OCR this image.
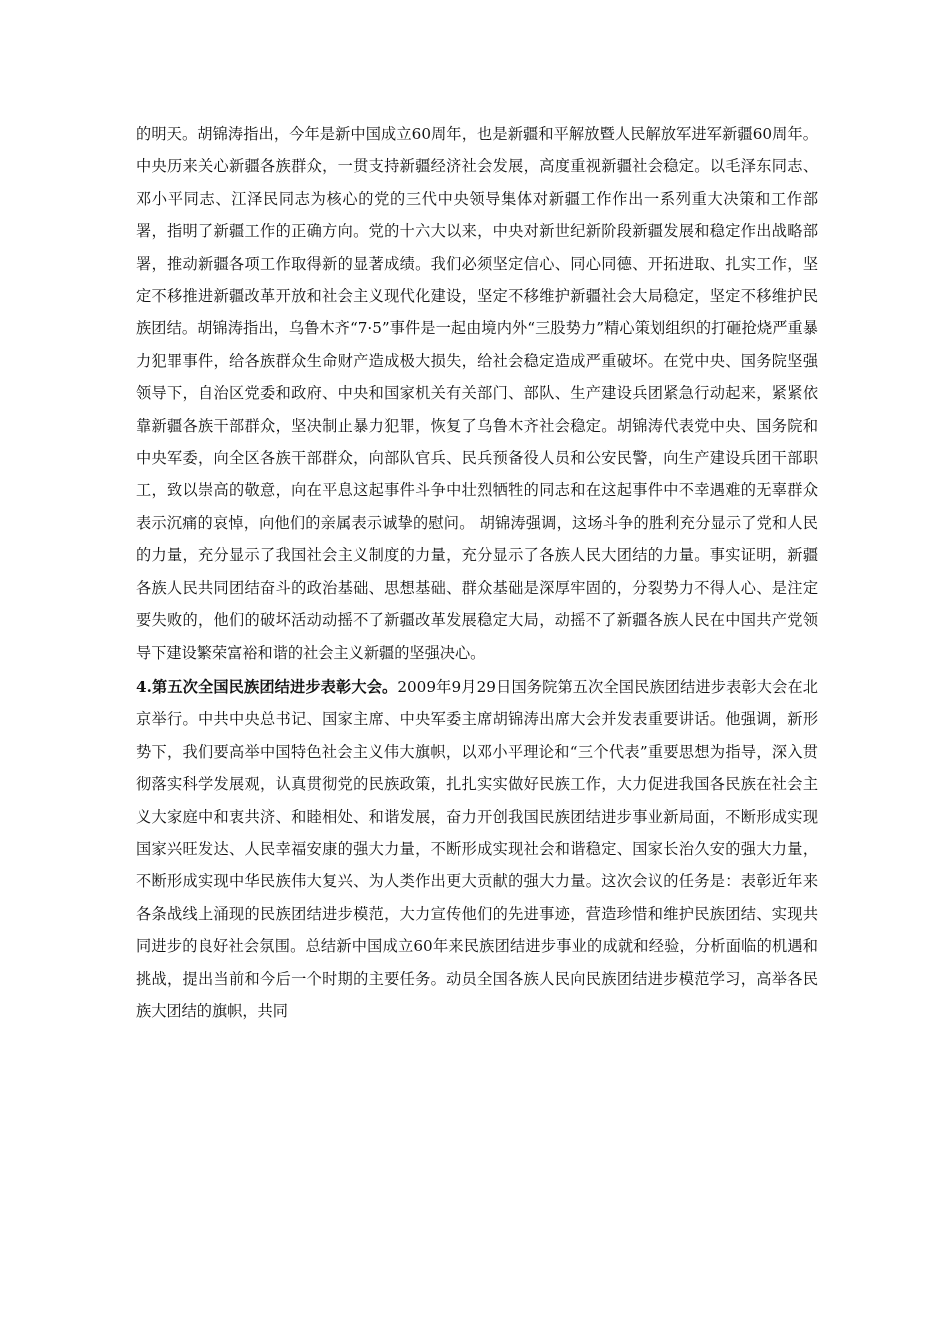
的明天。胡锦涛指出，今年是新中国成立60周年，也是新疆和平解放暨人民解放军进军新疆60周年。中央历来关心新疆各族群众，一贯支持新疆经济社会发展，高度重视新疆社会稳定。以毛泽东同志、邓小平同志、江泽民同志为核心的党的三代中央领导集体对新疆工作作出一系列重大决策和工作部署，指明了新疆工作的正确方向。党的十六大以来，中央对新世纪新阶段新疆发展和稳定作出战略部署，推动新疆各项工作取得新的显著成绩。我们必须坚定信心、同心同德、开拓进取、扎实工作，坚定不移推进新疆改革开放和社会主义现代化建设，坚定不移维护新疆社会大局稳定，坚定不移维护民族团结。胡锦涛指出，乌鲁木齐“7·5”事件是一起由境内外“三股势力”精心策划组织的打砸抢烧严重暴力犯罪事件，给各族群众生命财产造成极大损失，给社会稳定造成严重破坏。在党中央、国务院坚强领导下，自治区党委和政府、中央和国家机关有关部门、部队、生产建设兵团紧急行动起来，紧紧依靠新疆各族干部群众，坚决制止暴力犯罪，恢复了乌鲁木齐社会稳定。胡锦涛代表党中央、国务院和中央军委，向全区各族干部群众，向部队官兵、民兵预备役人员和公安民警，向生产建设兵团干部职工，致以崇高的敬意，向在平息这起事件斗争中壮烈牺牲的同志和在这起事件中不幸遇难的无辜群众表示沉痛的哀悼，向他们的亲属表示诚挚的慰问。 胡锦涛强调，这场斗争的胜利充分显示了党和人民的力量，充分显示了我国社会主义制度的力量，充分显示了各族人民大团结的力量。事实证明，新疆各族人民共同团结奋斗的政治基础、思想基础、群众基础是深厚牢固的，分裂势力不得人心、是注定要失败的，他们的破坏活动动摇不了新疆改革发展稳定大局，动摇不了新疆各族人民在中国共产党领导下建设繁荣富裕和谐的社会主义新疆的坚强决心。

4.第五次全国民族团结进步表彰大会。2009年9月29日国务院第五次全国民族团结进步表彰大会在北京举行。中共中央总书记、国家主席、中央军委主席胡锦涛出席大会并发表重要讲话。他强调，新形势下，我们要高举中国特色社会主义伟大旗帜，以邓小平理论和“三个代表”重要思想为指导，深入贯彻落实科学发展观，认真贯彻党的民族政策，扎扎实实做好民族工作，大力促进我国各民族在社会主义大家庭中和衷共济、和睦相处、和谐发展，奋力开创我国民族团结进步事业新局面，不断形成实现国家兴旺发达、人民幸福安康的强大力量，不断形成实现社会和谐稳定、国家长治久安的强大力量，不断形成实现中华民族伟大复兴、为人类作出更大贡献的强大力量。这次会议的任务是：表彰近年来各条战线上涌现的民族团结进步模范，大力宣传他们的先进事迹，营造珍惜和维护民族团结、实现共同进步的良好社会氛围。总结新中国成立60年来民族团结进步事业的成就和经验，分析面临的机遇和挑战，提出当前和今后一个时期的主要任务。动员全国各族人民向民族团结进步模范学习，高举各民族大团结的旗帜，共同
